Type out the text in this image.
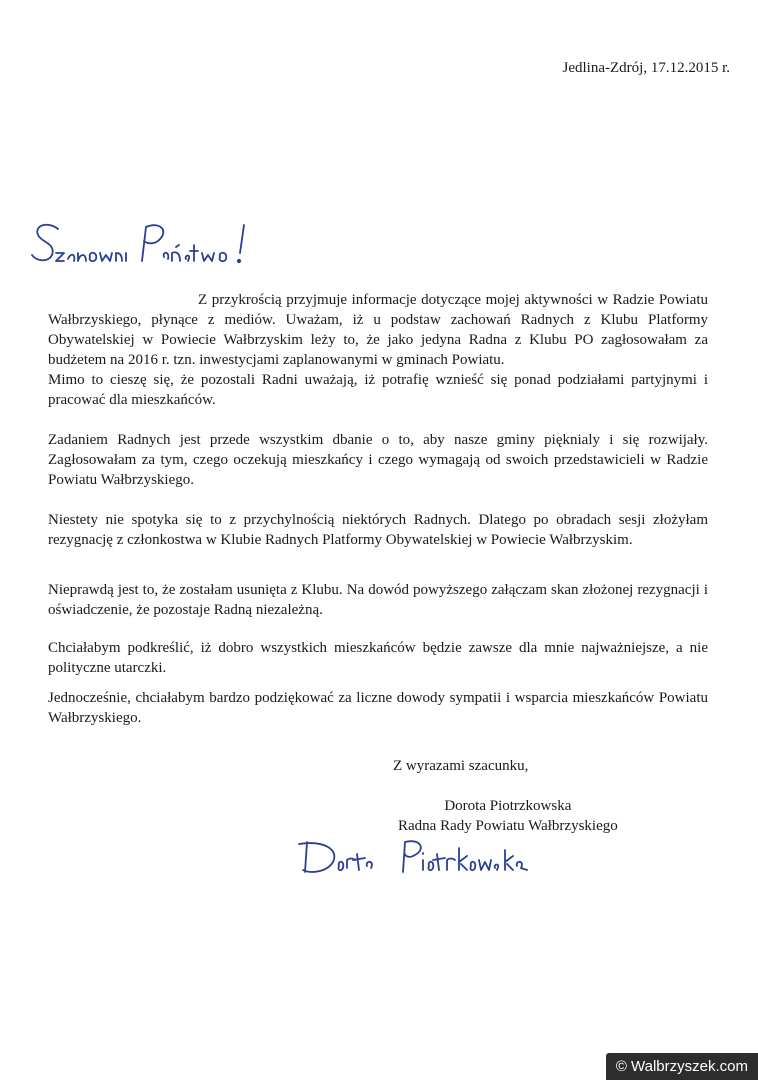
Jedlina-Zdrój, 17.12.2015 r.

Z przykrością przyjmuje informacje dotyczące mojej aktywności w Radzie Powiatu Wałbrzyskiego, płynące z mediów. Uważam, iż u podstaw zachowań Radnych z Klubu Platformy Obywatelskiej w Powiecie Wałbrzyskim leży to, że jako jedyna Radna z Klubu PO zagłosowałam za budżetem na 2016 r. tzn. inwestycjami zaplanowanymi w gminach Powiatu.

Mimo to cieszę się, że pozostali Radni uważają, iż potrafię wznieść się ponad podziałami partyjnymi i pracować dla mieszkańców.

Zadaniem Radnych jest przede wszystkim dbanie o to, aby nasze gminy pięknialy i się rozwijały. Zagłosowałam za tym, czego oczekują mieszkańcy i czego wymagają od swoich przedstawicieli w Radzie Powiatu Wałbrzyskiego.

Niestety nie spotyka się to z przychylnością niektórych Radnych. Dlatego po obradach sesji złożyłam rezygnację z członkostwa w Klubie Radnych Platformy Obywatelskiej w Powiecie Wałbrzyskim.

Nieprawdą jest to, że zostałam usunięta z Klubu. Na dowód powyższego załączam skan złożonej rezygnacji i oświadczenie, że pozostaje Radną niezależną.

Chciałabym podkreślić, iż dobro wszystkich mieszkańców będzie zawsze dla mnie najważniejsze, a nie polityczne utarczki.

Jednocześnie, chciałabym bardzo podziękować za liczne dowody sympatii i wsparcia mieszkańców Powiatu Wałbrzyskiego.

Z wyrazami szacunku,
Dorota Piotrzkowska
Radna Rady Powiatu Wałbrzyskiego
© Walbrzyszek.com
